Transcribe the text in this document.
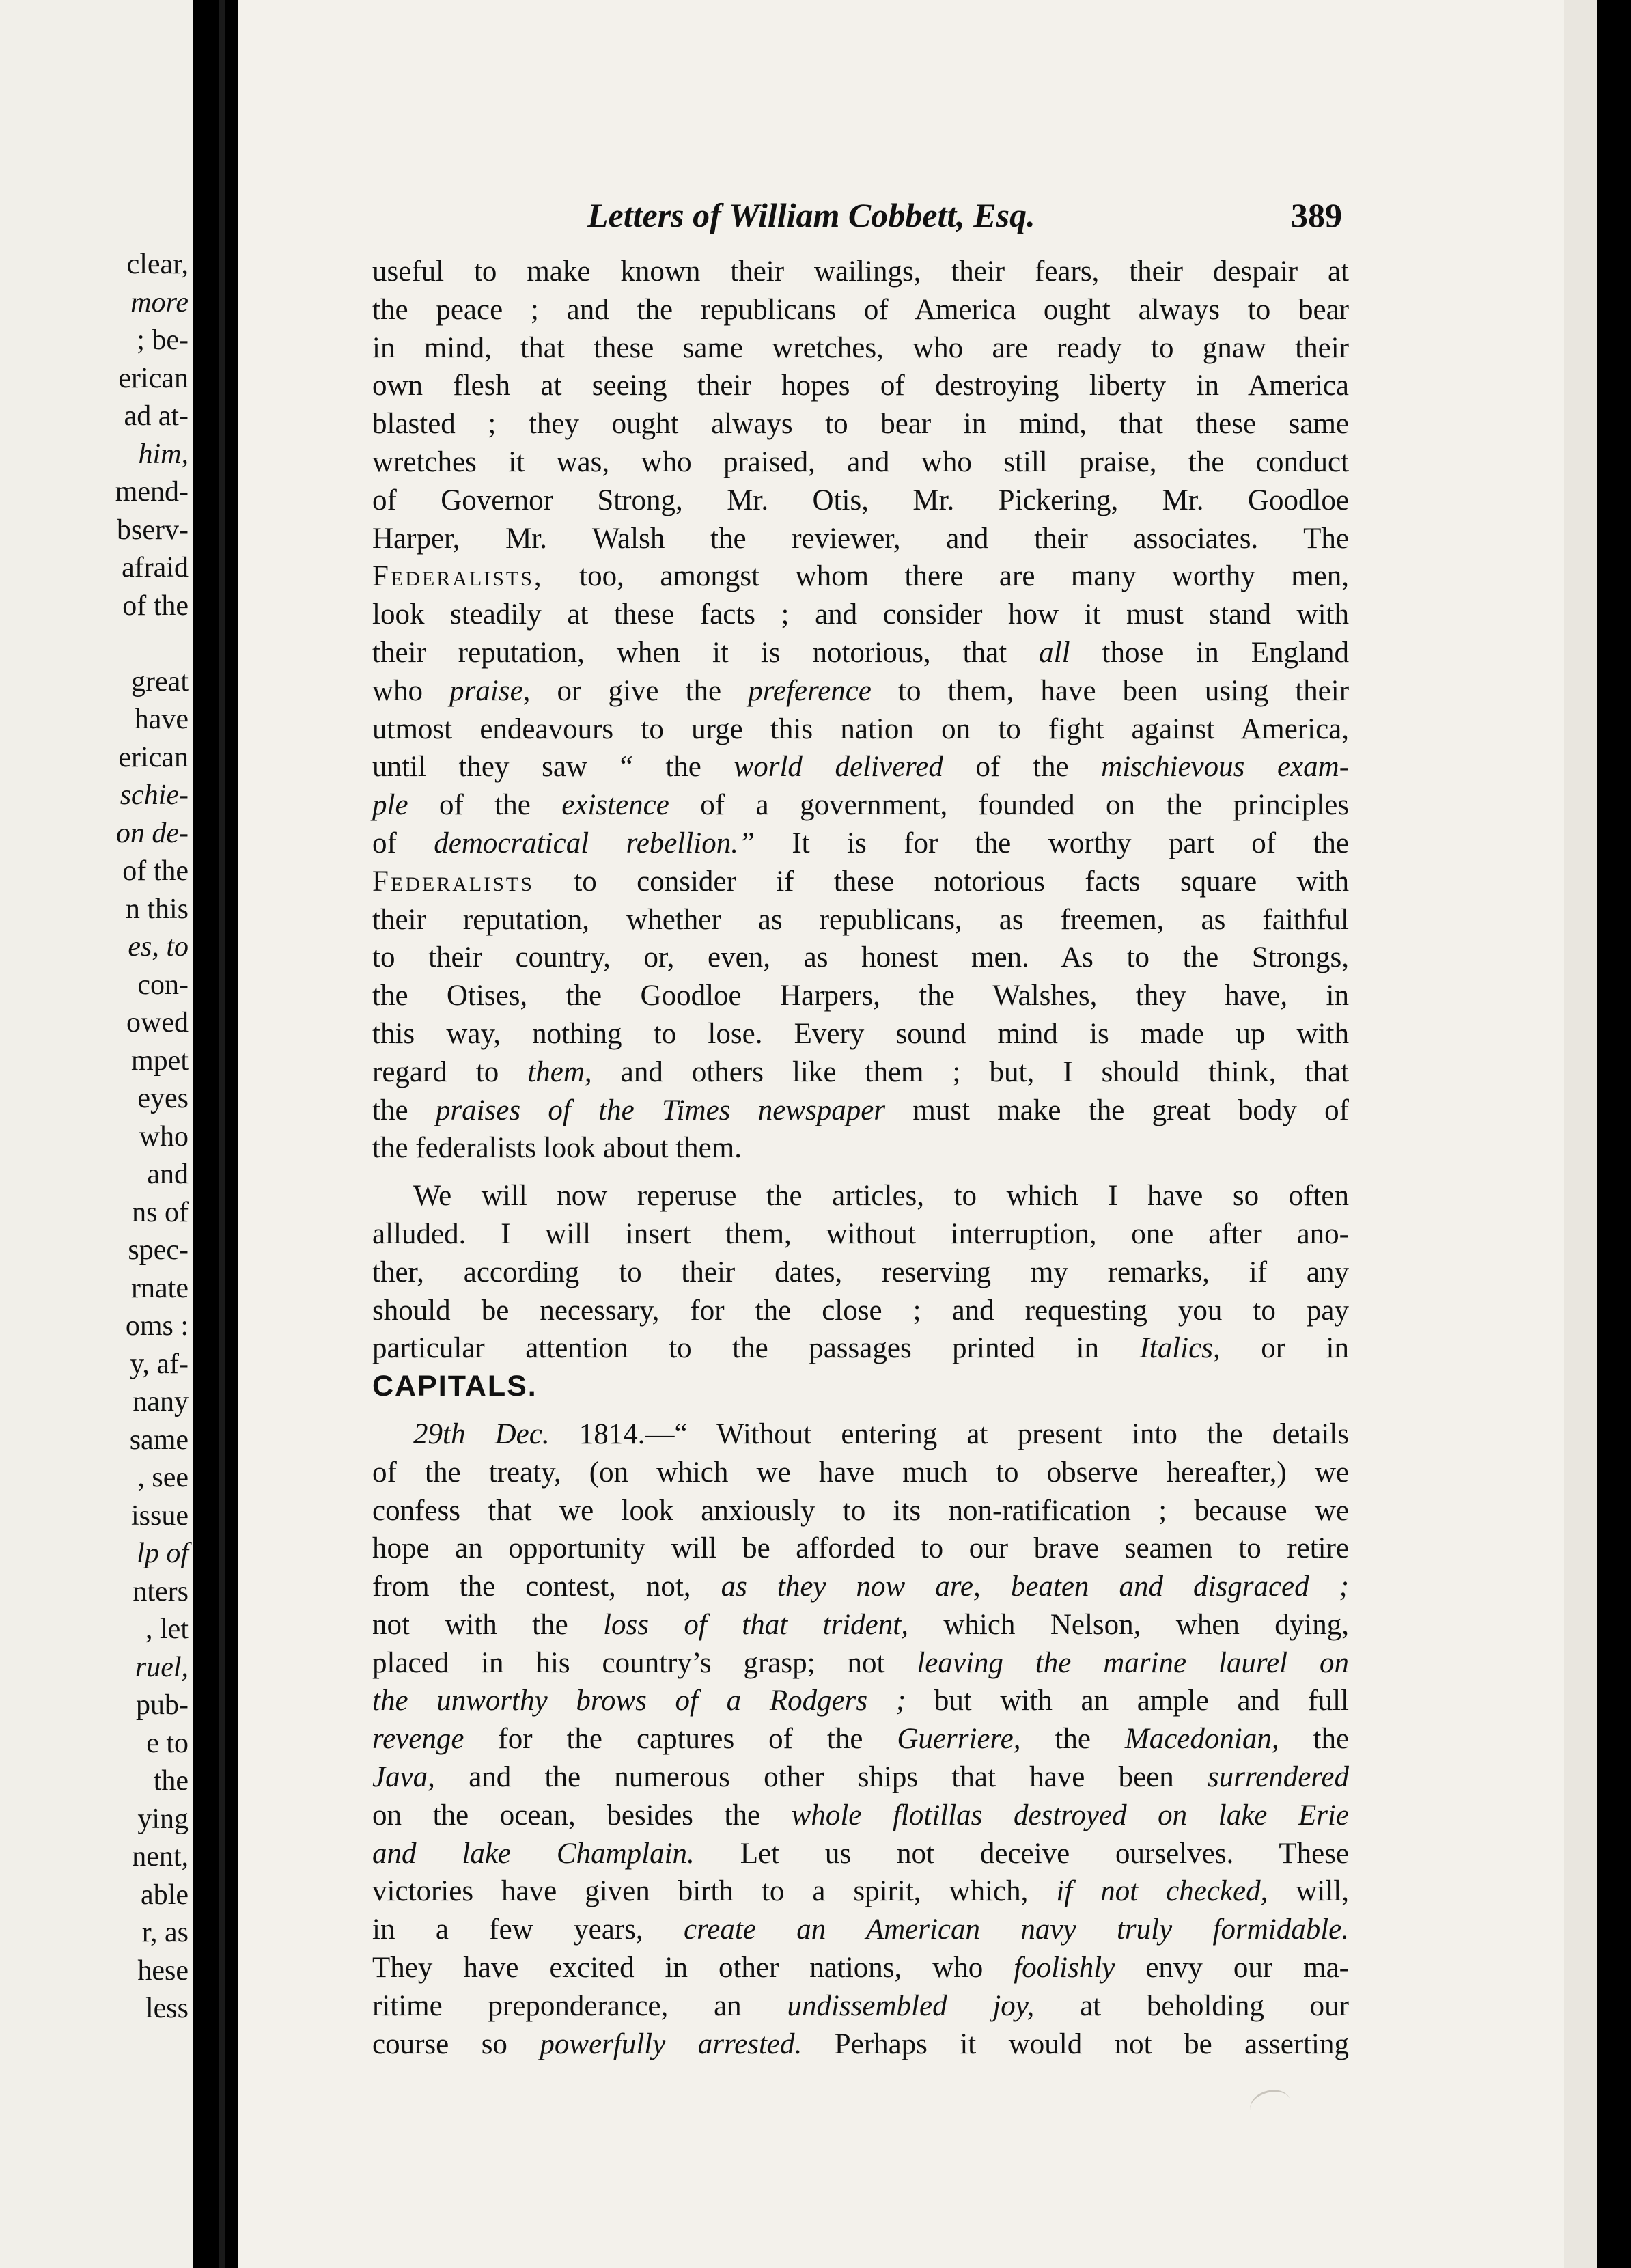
clear,
more
; be-
erican
ad at-
him,
mend-
bserv-
afraid
of the

great
have
erican
schie-
on de-
of the
n this
es, to
con-
owed
mpet
eyes
who
and
ns of
spec-
rnate
oms :
y, af-
nany
same
, see
issue
lp of
nters
, let
ruel,
pub-
e to
the
ying
nent,
able
r, as
hese
less
Letters of William Cobbett, Esq.	389
useful to make known their wailings, their fears, their despair at
the peace ; and the republicans of America ought always to bear
in mind, that these same wretches, who are ready to gnaw their
own flesh at seeing their hopes of destroying liberty in America
blasted ; they ought always to bear in mind, that these same
wretches it was, who praised, and who still praise, the conduct
of Governor Strong, Mr. Otis, Mr. Pickering, Mr. Goodloe
Harper, Mr. Walsh the reviewer, and their associates. The
Federalists, too, amongst whom there are many worthy men,
look steadily at these facts ; and consider how it must stand with
their reputation, when it is notorious, that all those in England
who praise, or give the preference to them, have been using their
utmost endeavours to urge this nation on to fight against America,
until they saw “ the world delivered of the mischievous exam-
ple of the existence of a government, founded on the principles
of democratical rebellion.” It is for the worthy part of the
Federalists to consider if these notorious facts square with
their reputation, whether as republicans, as freemen, as faithful
to their country, or, even, as honest men. As to the Strongs,
the Otises, the Goodloe Harpers, the Walshes, they have, in
this way, nothing to lose. Every sound mind is made up with
regard to them, and others like them ; but, I should think, that
the praises of the Times newspaper must make the great body of
the federalists look about them.
We will now reperuse the articles, to which I have so often
alluded. I will insert them, without interruption, one after ano-
ther, according to their dates, reserving my remarks, if any
should be necessary, for the close ; and requesting you to pay
particular attention to the passages printed in Italics, or in
CAPITALS.
29th Dec. 1814.—“ Without entering at present into the details
of the treaty, (on which we have much to observe hereafter,) we
confess that we look anxiously to its non-ratification ; because we
hope an opportunity will be afforded to our brave seamen to retire
from the contest, not, as they now are, beaten and disgraced ;
not with the loss of that trident, which Nelson, when dying,
placed in his country’s grasp; not leaving the marine laurel on
the unworthy brows of a Rodgers ; but with an ample and full
revenge for the captures of the Guerriere, the Macedonian, the
Java, and the numerous other ships that have been surrendered
on the ocean, besides the whole flotillas destroyed on lake Erie
and lake Champlain. Let us not deceive ourselves. These
victories have given birth to a spirit, which, if not checked, will,
in a few years, create an American navy truly formidable.
They have excited in other nations, who foolishly envy our ma-
ritime preponderance, an undissembled joy, at beholding our
course so powerfully arrested. Perhaps it would not be asserting
